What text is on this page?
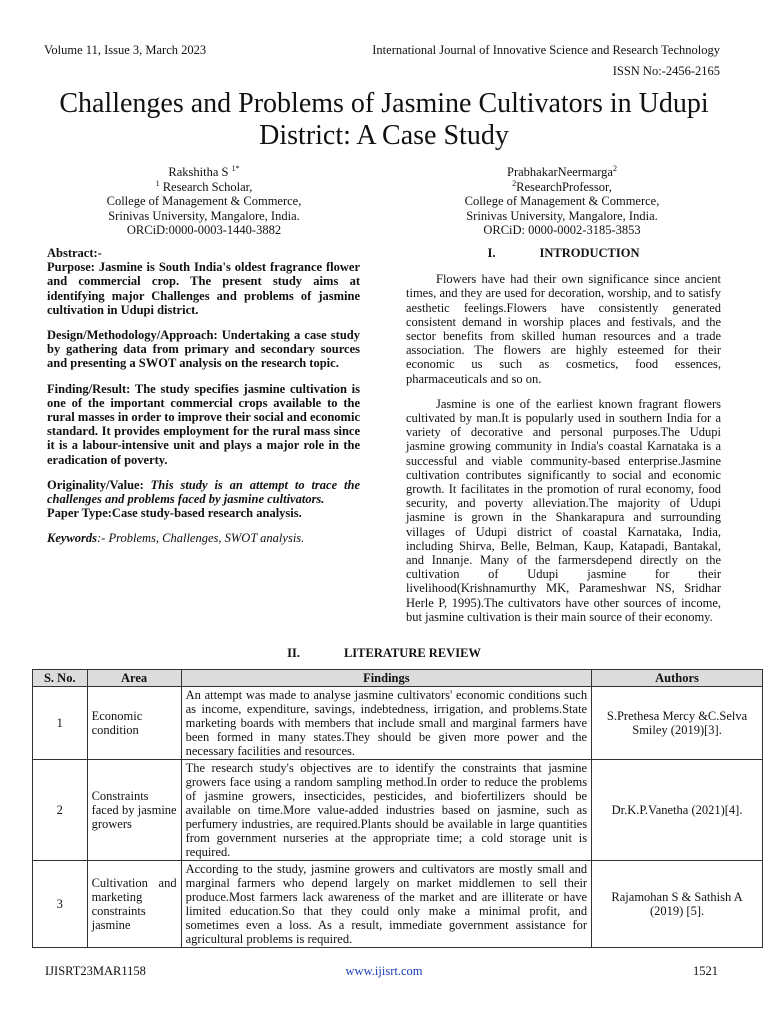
Volume 11, Issue 3, March 2023	International Journal of Innovative Science and Research Technology
ISSN No:-2456-2165
Challenges and Problems of Jasmine Cultivators in Udupi District: A Case Study
Rakshitha S $^{1*}$
$^1$ Research Scholar,
College of Management & Commerce,
Srinivas University, Mangalore, India.
ORCiD:0000-0003-1440-3882
PrabhakarNeermarga$^2$
$^2$ResearchProfessor,
College of Management & Commerce,
Srinivas University, Mangalore, India.
ORCiD: 0000-0002-3185-3853

Abstract:-

Purpose: Jasmine is South India's oldest fragrance flower and commercial crop. The present study aims at identifying major Challenges and problems of jasmine cultivation in Udupi district.

Design/Methodology/Approach: Undertaking a case study by gathering data from primary and secondary sources and presenting a SWOT analysis on the research topic.

Finding/Result: The study specifies jasmine cultivation is one of the important commercial crops available to the rural masses in order to improve their social and economic standard. It provides employment for the rural mass since it is a labour-intensive unit and plays a major role in the eradication of poverty.

Originality/Value: This study is an attempt to trace the challenges and problems faced by jasmine cultivators.

Paper Type:Case study-based research analysis.

Keywords:- Problems, Challenges, SWOT analysis.

I.	INTRODUCTION

Flowers have had their own significance since ancient times, and they are used for decoration, worship, and to satisfy aesthetic feelings.Flowers have consistently generated consistent demand in worship places and festivals, and the sector benefits from skilled human resources and a trade association. The flowers are highly esteemed for their economic us such as cosmetics, food essences, pharmaceuticals and so on.

Jasmine is one of the earliest known fragrant flowers cultivated by man.It is popularly used in southern India for a variety of decorative and personal purposes.The Udupi jasmine growing community in India's coastal Karnataka is a successful and viable community-based enterprise.Jasmine cultivation contributes significantly to social and economic growth. It facilitates in the promotion of rural economy, food security, and poverty alleviation.The majority of Udupi jasmine is grown in the Shankarapura and surrounding villages of Udupi district of coastal Karnataka, India, including Shirva, Belle, Belman, Kaup, Katapadi, Bantakal, and Innanje. Many of the farmersdepend directly on the cultivation of Udupi jasmine for their livelihood(Krishnamurthy MK, Parameshwar NS, Sridhar Herle P, 1995).The cultivators have other sources of income, but jasmine cultivation is their main source of their economy.

II.	LITERATURE REVIEW
S. No.	Area	Findings	Authors
1	Economic condition	An attempt was made to analyse jasmine cultivators' economic conditions such as income, expenditure, savings, indebtedness, irrigation, and problems.State marketing boards with members that include small and marginal farmers have been formed in many states.They should be given more power and the necessary facilities and resources.	S.Prethesa Mercy &C.Selva Smiley (2019)[3].
2	Constraints faced by jasmine growers	The research study's objectives are to identify the constraints that jasmine growers face using a random sampling method.In order to reduce the problems of jasmine growers, insecticides, pesticides, and biofertilizers should be available on time.More value-added industries based on jasmine, such as perfumery industries, are required.Plants should be available in large quantities from government nurseries at the appropriate time; a cold storage unit is required.	Dr.K.P.Vanetha (2021)[4].
3	Cultivation and marketing constraints jasmine	According to the study, jasmine growers and cultivators are mostly small and marginal farmers who depend largely on market middlemen to sell their produce.Most farmers lack awareness of the market and are illiterate or have limited education.So that they could only make a minimal profit, and sometimes even a loss. As a result, immediate government assistance for agricultural problems is required.	Rajamohan S & Sathish A (2019) [5].
IJISRT23MAR1158	www.ijisrt.com	1521
